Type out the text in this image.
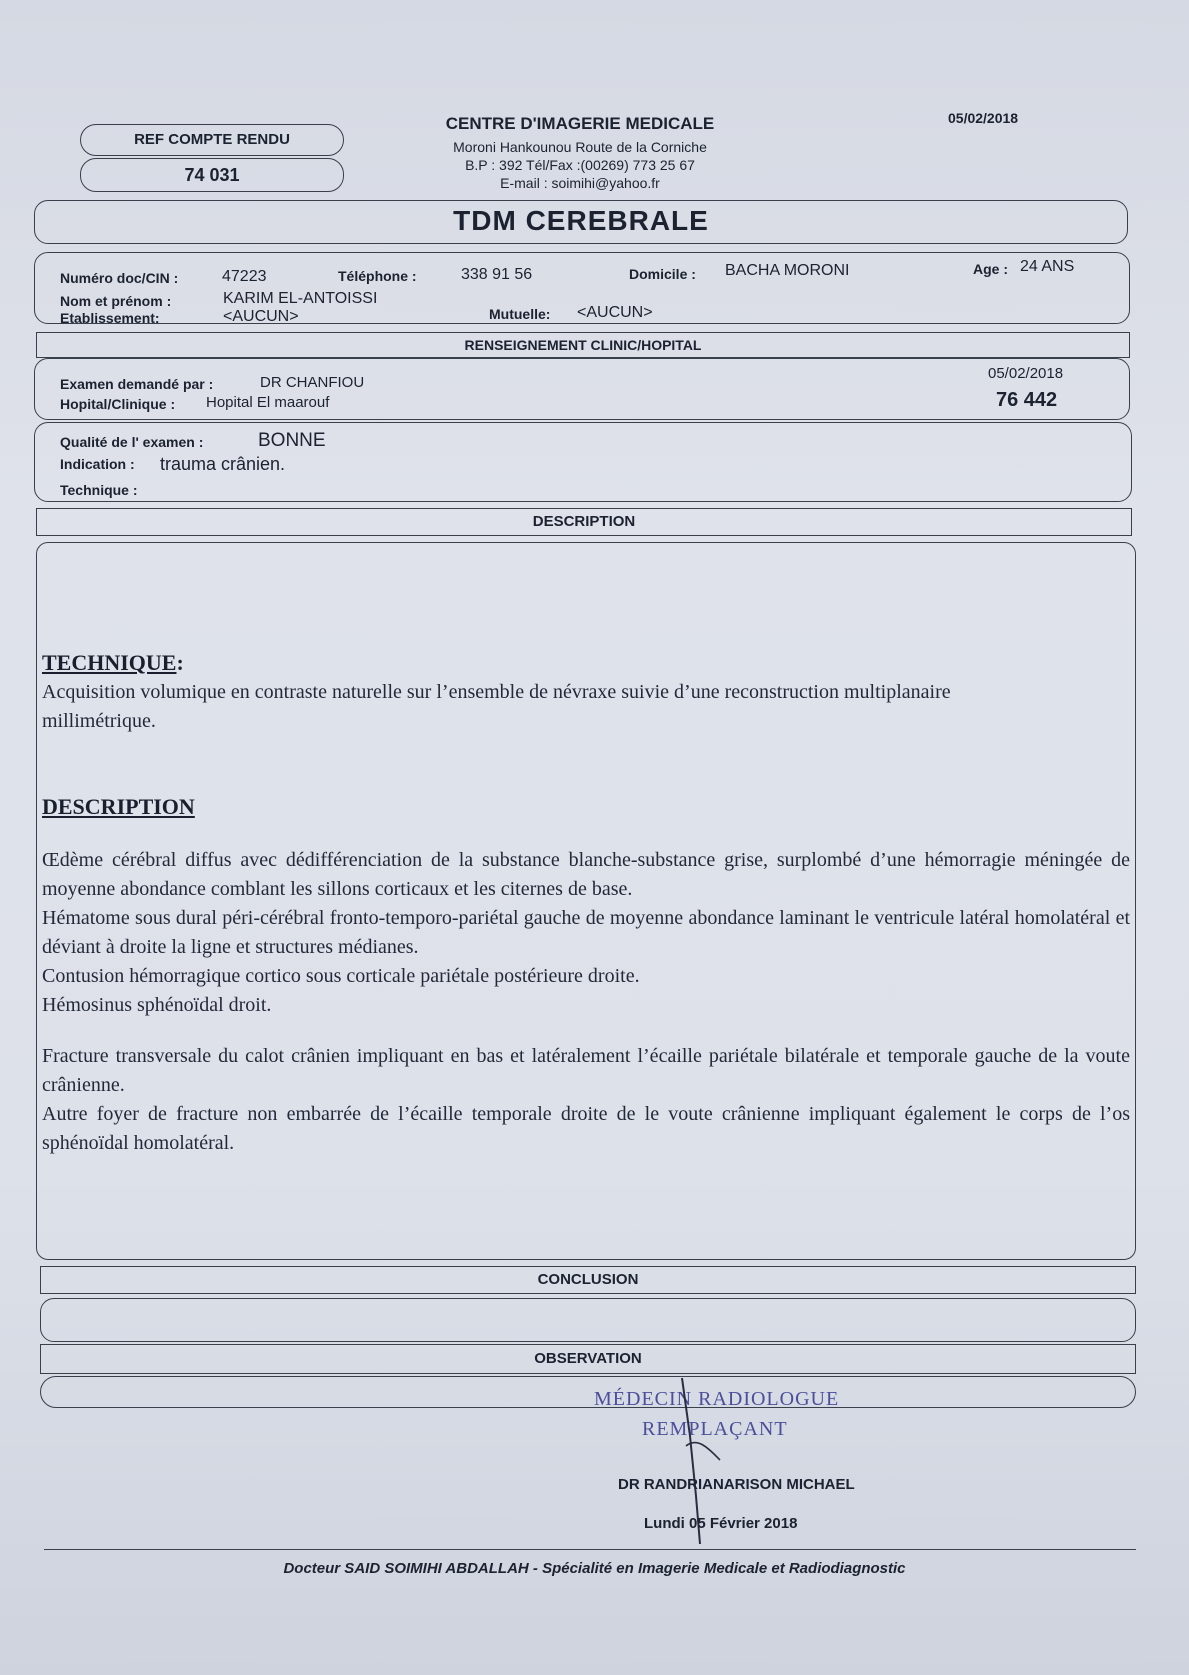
REF COMPTE RENDU
74 031
CENTRE D'IMAGERIE MEDICALE
Moroni Hankounou Route de la Corniche
B.P : 392 Tél/Fax :(00269) 773 25 67
E-mail : soimihi@yahoo.fr
05/02/2018
TDM CEREBRALE
Numéro doc/CIN :	47223	Téléphone :	338 91 56	Domicile : BACHA MORONI	Age : 24 ANS
Nom et prénom :	KARIM EL-ANTOISSI
Etablissement:	<AUCUN>	Mutuelle: <AUCUN>
RENSEIGNEMENT CLINIC/HOPITAL
Examen demandé par :	DR CHANFIOU
Hopital/Clinique : Hopital El maarouf
05/02/2018
76 442
Qualité de l' examen :	BONNE
Indication : trauma crânien.
Technique :
DESCRIPTION
TECHNIQUE:
Acquisition volumique en contraste naturelle sur l’ensemble de névraxe suivie d’une reconstruction multiplanaire millimétrique.
DESCRIPTION
Œdème cérébral diffus avec dédifférenciation de la substance blanche-substance grise, surplombé d’une hémorragie méningée de moyenne abondance comblant les sillons corticaux et les citernes de base.
Hématome sous dural péri-cérébral fronto-temporo-pariétal gauche de moyenne abondance laminant le ventricule latéral homolatéral et déviant à droite la ligne et structures médianes.
Contusion hémorragique cortico sous corticale pariétale postérieure droite.
Hémosinus sphénoïdal droit.
Fracture transversale du calot crânien impliquant en bas et latéralement l’écaille pariétale bilatérale et temporale gauche de la voute crânienne.
Autre foyer de fracture non embarrée de l’écaille temporale droite de le voute crânienne impliquant également le corps de l’os sphénoïdal homolatéral.
CONCLUSION
OBSERVATION
MÉDECIN RADIOLOGUE
REMPLAÇANT
DR RANDRIANARISON MICHAEL
Lundi 05 Février 2018
Docteur SAID SOIMIHI ABDALLAH - Spécialité en Imagerie Medicale et Radiodiagnostic
